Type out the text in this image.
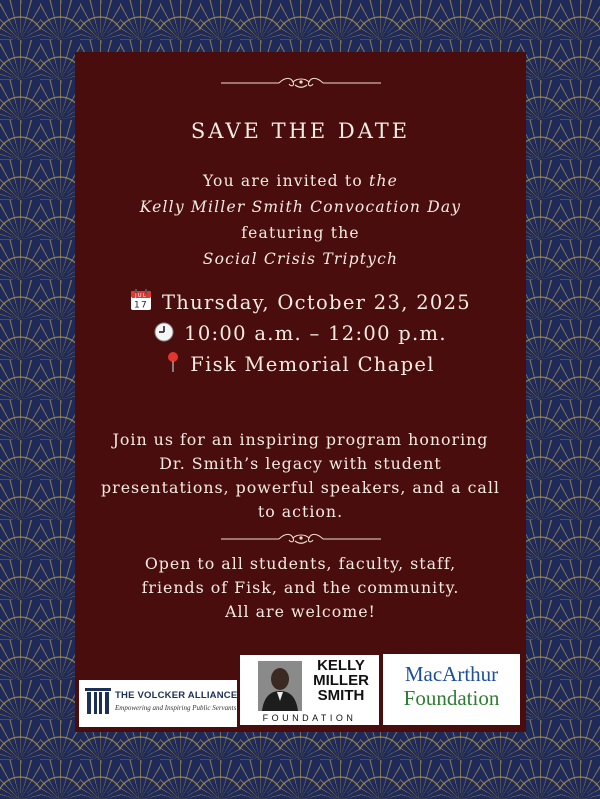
SAVE THE DATE
You are invited to the
Kelly Miller Smith Convocation Day
featuring the
Social Crisis Triptych
JUL
17 Thursday, October 23, 2025
10:00 a.m. – 12:00 p.m.
Fisk Memorial Chapel
Join us for an inspiring program honoring
Dr. Smith’s legacy with student
presentations, powerful speakers, and a call
to action.
Open to all students, faculty, staff,
friends of Fisk, and the community.
All are welcome!
THE VOLCKER ALLIANCE
Empowering and Inspiring Public Servants
KELLY
MILLER
SMITH
FOUNDATION
MacArthur
Foundation
